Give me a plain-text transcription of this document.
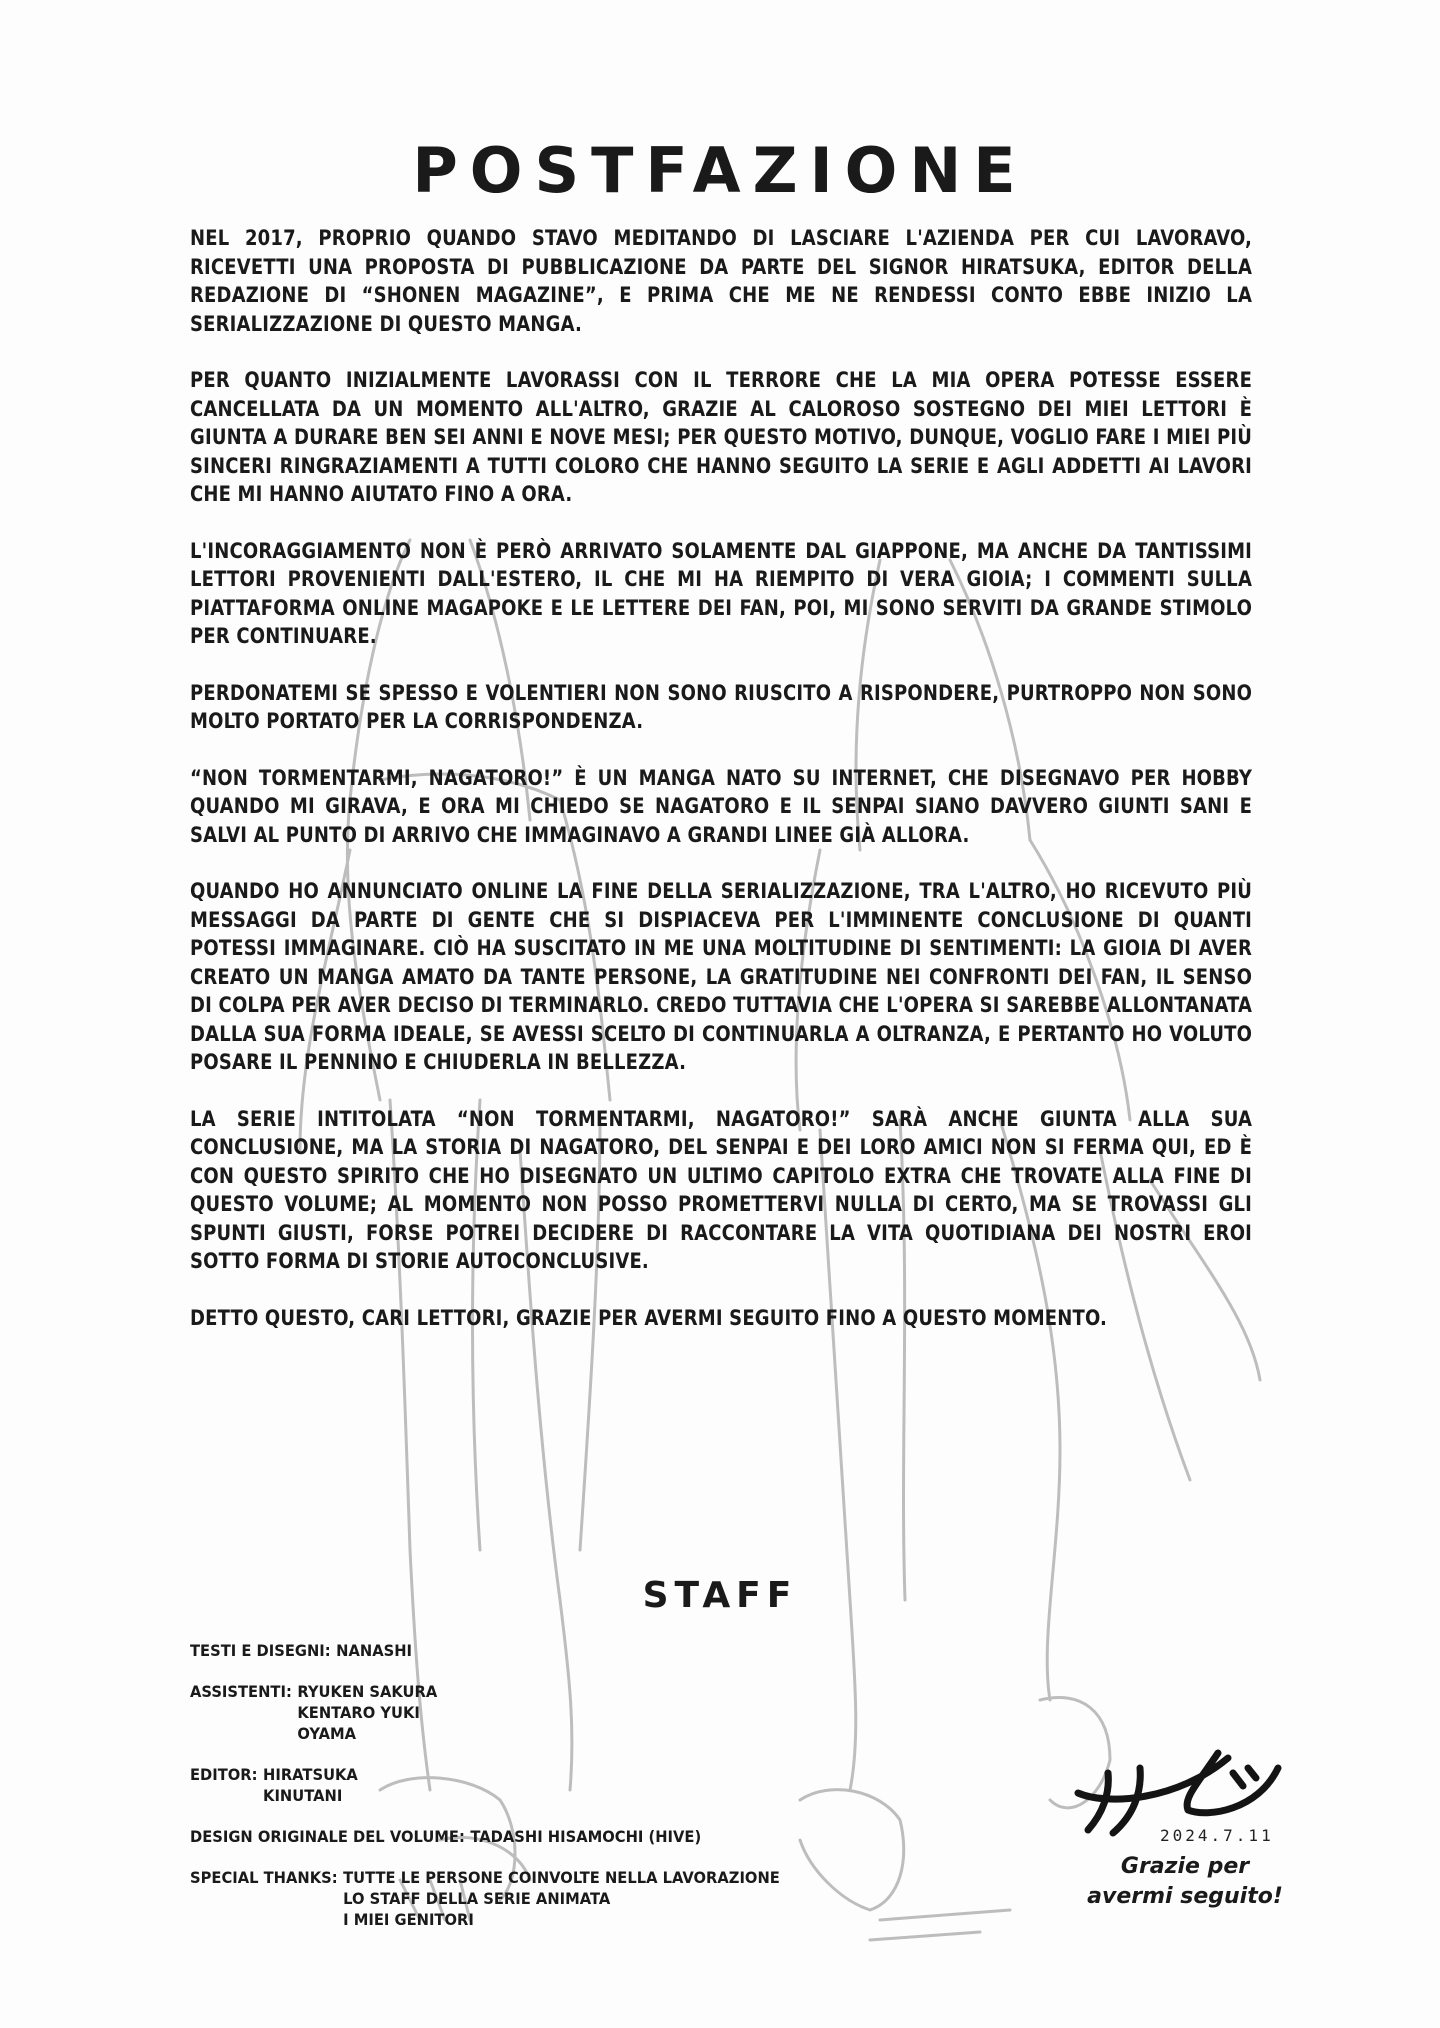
POSTFAZIONE

NEL 2017, PROPRIO QUANDO STAVO MEDITANDO DI LASCIARE L'AZIENDA PER CUI LAVORAVO, RICEVETTI UNA PROPOSTA DI PUBBLICAZIONE DA PARTE DEL SIGNOR HIRATSUKA, EDITOR DELLA REDAZIONE DI “SHONEN MAGAZINE”, E PRIMA CHE ME NE RENDESSI CONTO EBBE INIZIO LA SERIALIZZAZIONE DI QUESTO MANGA.

PER QUANTO INIZIALMENTE LAVORASSI CON IL TERRORE CHE LA MIA OPERA POTESSE ESSERE CANCELLATA DA UN MOMENTO ALL'ALTRO, GRAZIE AL CALOROSO SOSTEGNO DEI MIEI LETTORI È GIUNTA A DURARE BEN SEI ANNI E NOVE MESI; PER QUESTO MOTIVO, DUNQUE, VOGLIO FARE I MIEI PIÙ SINCERI RINGRAZIAMENTI A TUTTI COLORO CHE HANNO SEGUITO LA SERIE E AGLI ADDETTI AI LAVORI CHE MI HANNO AIUTATO FINO A ORA.

L'INCORAGGIAMENTO NON È PERÒ ARRIVATO SOLAMENTE DAL GIAPPONE, MA ANCHE DA TANTISSIMI LETTORI PROVENIENTI DALL'ESTERO, IL CHE MI HA RIEMPITO DI VERA GIOIA; I COMMENTI SULLA PIATTAFORMA ONLINE MAGAPOKE E LE LETTERE DEI FAN, POI, MI SONO SERVITI DA GRANDE STIMOLO PER CONTINUARE.

PERDONATEMI SE SPESSO E VOLENTIERI NON SONO RIUSCITO A RISPONDERE, PURTROPPO NON SONO MOLTO PORTATO PER LA CORRISPONDENZA.

“NON TORMENTARMI, NAGATORO!” È UN MANGA NATO SU INTERNET, CHE DISEGNAVO PER HOBBY QUANDO MI GIRAVA, E ORA MI CHIEDO SE NAGATORO E IL SENPAI SIANO DAVVERO GIUNTI SANI E SALVI AL PUNTO DI ARRIVO CHE IMMAGINAVO A GRANDI LINEE GIÀ ALLORA.

QUANDO HO ANNUNCIATO ONLINE LA FINE DELLA SERIALIZZAZIONE, TRA L'ALTRO, HO RICEVUTO PIÙ MESSAGGI DA PARTE DI GENTE CHE SI DISPIACEVA PER L'IMMINENTE CONCLUSIONE DI QUANTI POTESSI IMMAGINARE. CIÒ HA SUSCITATO IN ME UNA MOLTITUDINE DI SENTIMENTI: LA GIOIA DI AVER CREATO UN MANGA AMATO DA TANTE PERSONE, LA GRATITUDINE NEI CONFRONTI DEI FAN, IL SENSO DI COLPA PER AVER DECISO DI TERMINARLO. CREDO TUTTAVIA CHE L'OPERA SI SAREBBE ALLONTANATA DALLA SUA FORMA IDEALE, SE AVESSI SCELTO DI CONTINUARLA A OLTRANZA, E PERTANTO HO VOLUTO POSARE IL PENNINO E CHIUDERLA IN BELLEZZA.

LA SERIE INTITOLATA “NON TORMENTARMI, NAGATORO!” SARÀ ANCHE GIUNTA ALLA SUA CONCLUSIONE, MA LA STORIA DI NAGATORO, DEL SENPAI E DEI LORO AMICI NON SI FERMA QUI, ED È CON QUESTO SPIRITO CHE HO DISEGNATO UN ULTIMO CAPITOLO EXTRA CHE TROVATE ALLA FINE DI QUESTO VOLUME; AL MOMENTO NON POSSO PROMETTERVI NULLA DI CERTO, MA SE TROVASSI GLI SPUNTI GIUSTI, FORSE POTREI DECIDERE DI RACCONTARE LA VITA QUOTIDIANA DEI NOSTRI EROI SOTTO FORMA DI STORIE AUTOCONCLUSIVE.

DETTO QUESTO, CARI LETTORI, GRAZIE PER AVERMI SEGUITO FINO A QUESTO MOMENTO.

STAFF
TESTI E DISEGNI: NANASHI
ASSISTENTI: RYUKEN SAKURA
KENTARO YUKI
OYAMA
EDITOR: HIRATSUKA
KINUTANI
DESIGN ORIGINALE DEL VOLUME: TADASHI HISAMOCHI (HIVE)
SPECIAL THANKS: TUTTE LE PERSONE COINVOLTE NELLA LAVORAZIONE
LO STAFF DELLA SERIE ANIMATA
I MIEI GENITORI
2024.7.11
Grazie per
avermi seguito!
